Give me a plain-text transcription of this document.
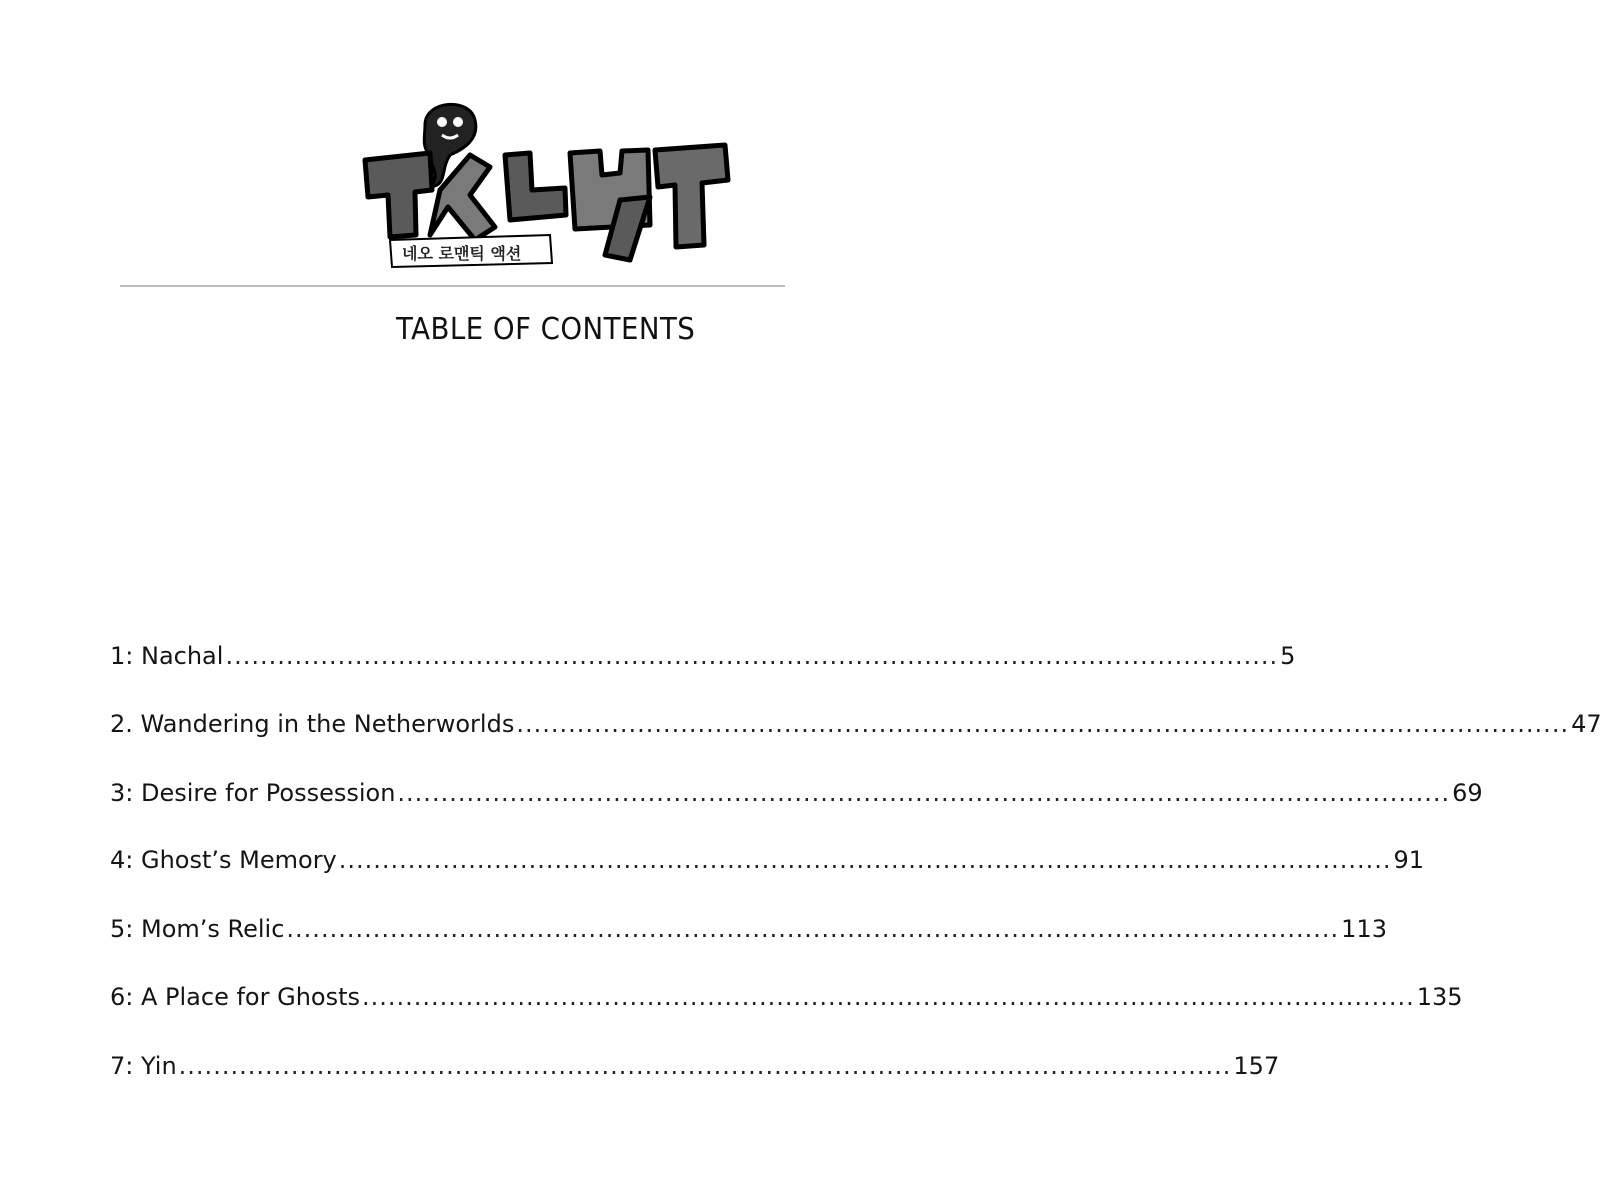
네오 로맨틱 액션
TABLE OF CONTENTS
1: Nachal .......................................................................................................................... 5
2. Wandering in the Netherworlds .......................................................................................................................... 47
3: Desire for Possession .......................................................................................................................... 69
4: Ghost’s Memory .......................................................................................................................... 91
5: Mom’s Relic .......................................................................................................................... 113
6: A Place for Ghosts .......................................................................................................................... 135
7: Yin .......................................................................................................................... 157
